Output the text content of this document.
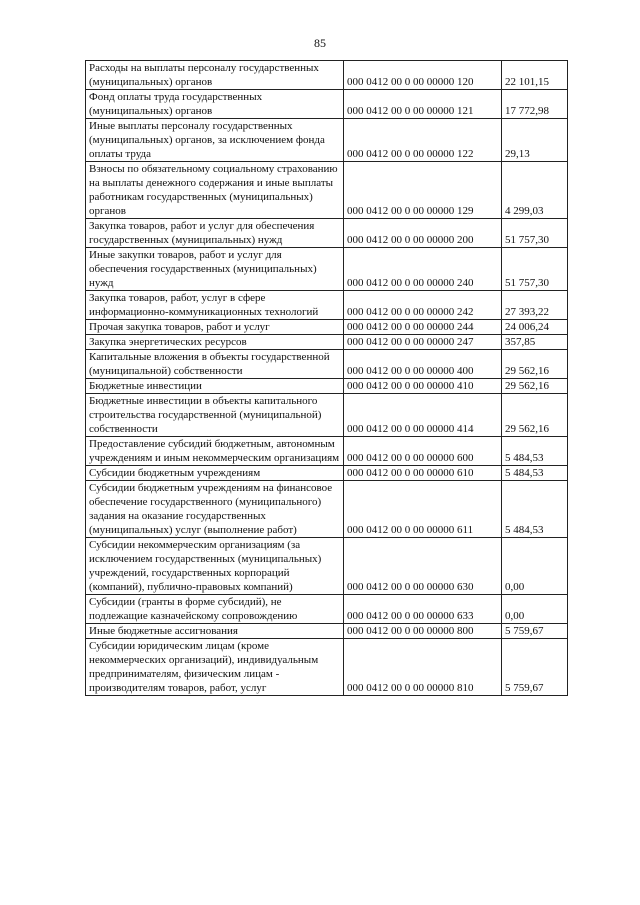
85
Расходы на выплаты персоналу государственных (муниципальных) органов	000 0412 00 0 00 00000 120	22 101,15
Фонд оплаты труда государственных (муниципальных) органов	000 0412 00 0 00 00000 121	17 772,98
Иные выплаты персоналу государственных (муниципальных) органов, за исключением фонда оплаты труда	000 0412 00 0 00 00000 122	29,13
Взносы по обязательному социальному страхованию на выплаты денежного содержания и иные выплаты работникам государственных (муниципальных) органов	000 0412 00 0 00 00000 129	4 299,03
Закупка товаров, работ и услуг для обеспечения государственных (муниципальных) нужд	000 0412 00 0 00 00000 200	51 757,30
Иные закупки товаров, работ и услуг для обеспечения государственных (муниципальных) нужд	000 0412 00 0 00 00000 240	51 757,30
Закупка товаров, работ, услуг в сфере информационно-коммуникационных технологий	000 0412 00 0 00 00000 242	27 393,22
Прочая закупка товаров, работ и услуг	000 0412 00 0 00 00000 244	24 006,24
Закупка энергетических ресурсов	000 0412 00 0 00 00000 247	357,85
Капитальные вложения в объекты государственной (муниципальной) собственности	000 0412 00 0 00 00000 400	29 562,16
Бюджетные инвестиции	000 0412 00 0 00 00000 410	29 562,16
Бюджетные инвестиции в объекты капитального строительства государственной (муниципальной) собственности	000 0412 00 0 00 00000 414	29 562,16
Предоставление субсидий бюджетным, автономным учреждениям и иным некоммерческим организациям	000 0412 00 0 00 00000 600	5 484,53
Субсидии бюджетным учреждениям	000 0412 00 0 00 00000 610	5 484,53
Субсидии бюджетным учреждениям на финансовое обеспечение государственного (муниципального) задания на оказание государственных (муниципальных) услуг (выполнение работ)	000 0412 00 0 00 00000 611	5 484,53
Субсидии некоммерческим организациям (за исключением государственных (муниципальных) учреждений, государственных корпораций (компаний), публично-правовых компаний)	000 0412 00 0 00 00000 630	0,00
Субсидии (гранты в форме субсидий), не подлежащие казначейскому сопровождению	000 0412 00 0 00 00000 633	0,00
Иные бюджетные ассигнования	000 0412 00 0 00 00000 800	5 759,67
Субсидии юридическим лицам (кроме некоммерческих организаций), индивидуальным предпринимателям, физическим лицам - производителям товаров, работ, услуг	000 0412 00 0 00 00000 810	5 759,67
